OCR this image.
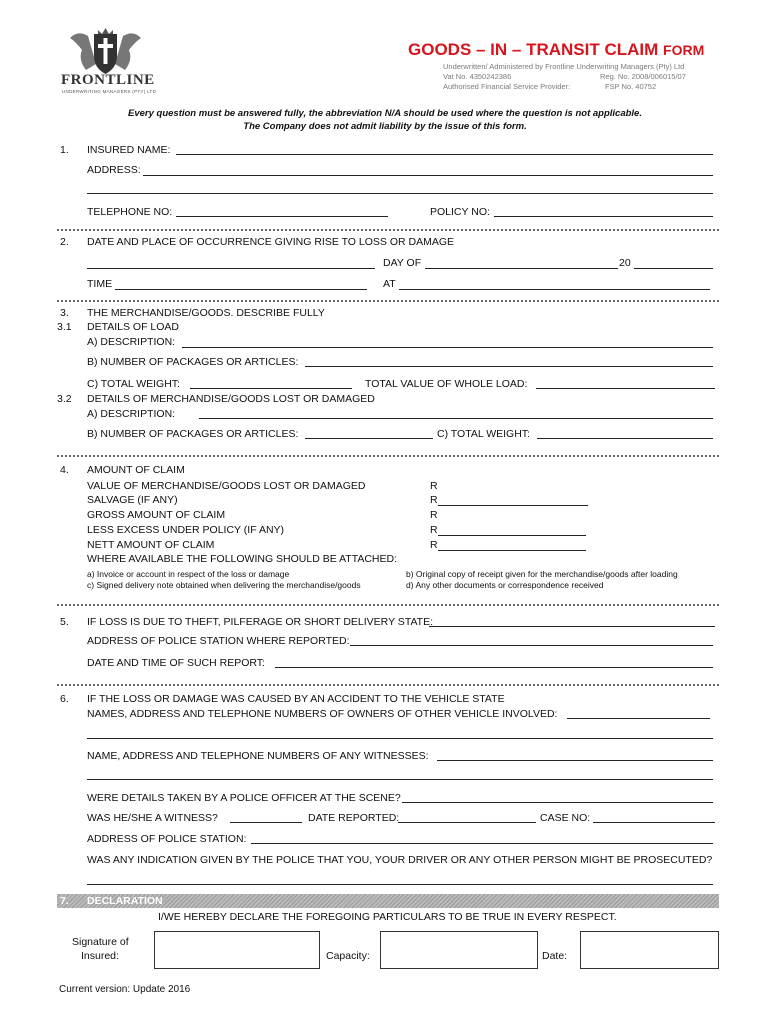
FRONTLINE
UNDERWRITING MANAGERS (PTY) LTD
GOODS – IN – TRANSIT CLAIM FORM
Underwritten/ Administered by Frontline Underwriting Managers (Pty) Ltd
Vat No. 4350242386	Reg. No. 2008/006015/07
Authorised Financial Service Provider:	FSP No. 40752
Every question must be answered fully, the abbreviation N/A should be used where the question is not applicable.
The Company does not admit liability by the issue of this form.
1. INSURED NAME:
ADDRESS:
TELEPHONE NO:	POLICY NO:
2. DATE AND PLACE OF OCCURRENCE GIVING RISE TO LOSS OR DAMAGE
DAY OF	20
TIME	AT
3. THE MERCHANDISE/GOODS. DESCRIBE FULLY
3.1 DETAILS OF LOAD
A) DESCRIPTION:
B) NUMBER OF PACKAGES OR ARTICLES:
C) TOTAL WEIGHT:	TOTAL VALUE OF WHOLE LOAD:
3.2 DETAILS OF MERCHANDISE/GOODS LOST OR DAMAGED
A) DESCRIPTION:
B) NUMBER OF PACKAGES OR ARTICLES:	C) TOTAL WEIGHT:
4. AMOUNT OF CLAIM
VALUE OF MERCHANDISE/GOODS LOST OR DAMAGED	R
SALVAGE (IF ANY)	R
GROSS AMOUNT OF CLAIM	R
LESS EXCESS UNDER POLICY (IF ANY)	R
NETT AMOUNT OF CLAIM	R
WHERE AVAILABLE THE FOLLOWING SHOULD BE ATTACHED:
a) Invoice or account in respect of the loss or damage	b) Original copy of receipt given for the merchandise/goods after loading
c) Signed delivery note obtained when delivering the merchandise/goods	d) Any other documents or correspondence received
5. IF LOSS IS DUE TO THEFT, PILFERAGE OR SHORT DELIVERY STATE:
ADDRESS OF POLICE STATION WHERE REPORTED:
DATE AND TIME OF SUCH REPORT:
6. IF THE LOSS OR DAMAGE WAS CAUSED BY AN ACCIDENT TO THE VEHICLE STATE
NAMES, ADDRESS AND TELEPHONE NUMBERS OF OWNERS OF OTHER VEHICLE INVOLVED:
NAME, ADDRESS AND TELEPHONE NUMBERS OF ANY WITNESSES:
WERE DETAILS TAKEN BY A POLICE OFFICER AT THE SCENE?
WAS HE/SHE A WITNESS?	DATE REPORTED:	CASE NO:
ADDRESS OF POLICE STATION:
WAS ANY INDICATION GIVEN BY THE POLICE THAT YOU, YOUR DRIVER OR ANY OTHER PERSON MIGHT BE PROSECUTED?
7. DECLARATION
I/WE HEREBY DECLARE THE FOREGOING PARTICULARS TO BE TRUE IN EVERY RESPECT.
Signature of
Insured:	Capacity:	Date:
Current version: Update 2016
